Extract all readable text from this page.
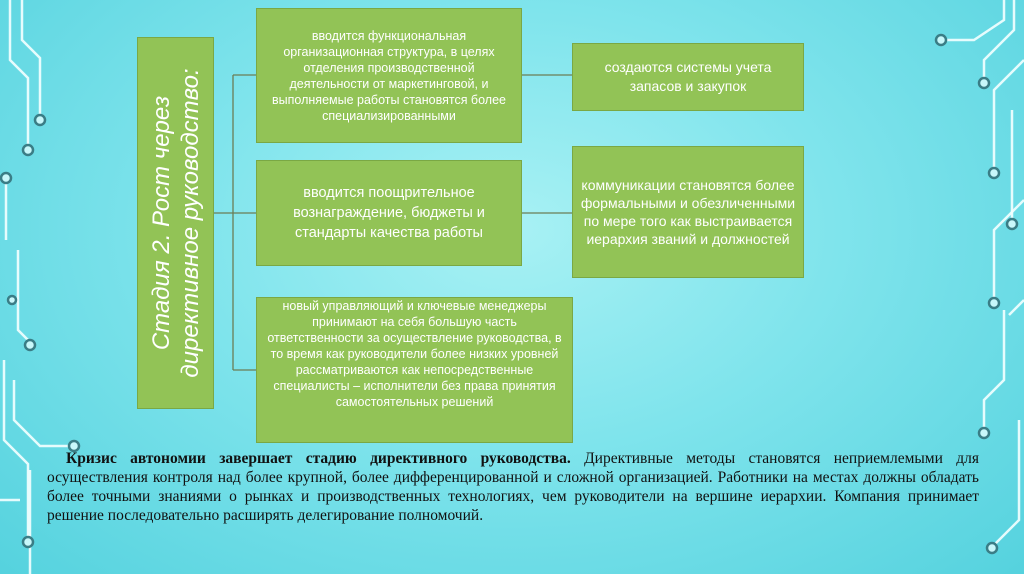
Стадия 2. Рост через директивное руководство:
вводится функциональная организационная структура, в целях отделения производственной деятельности от маркетинговой, и выполняемые работы становятся более специализированными
вводится поощрительное вознаграждение, бюджеты и стандарты качества работы
новый управляющий и ключевые менеджеры принимают на себя большую часть ответственности за осуществление руководства, в то время как руководители более низких уровней рассматриваются как непосредственные специалисты – исполнители без права принятия самостоятельных решений
создаются системы учета запасов и закупок
коммуникации становятся более формальными и обезличенными по мере того как выстраивается иерархия званий и должностей

Кризис автономии завершает стадию директивного руководства. Директивные методы становятся неприемлемыми для осуществления контроля над более крупной, более дифференцированной и сложной организацией. Работники на местах должны обладать более точными знаниями о рынках и производственных технологиях, чем руководители на вершине иерархии. Компания принимает решение последовательно расширять делегирование полномочий.
